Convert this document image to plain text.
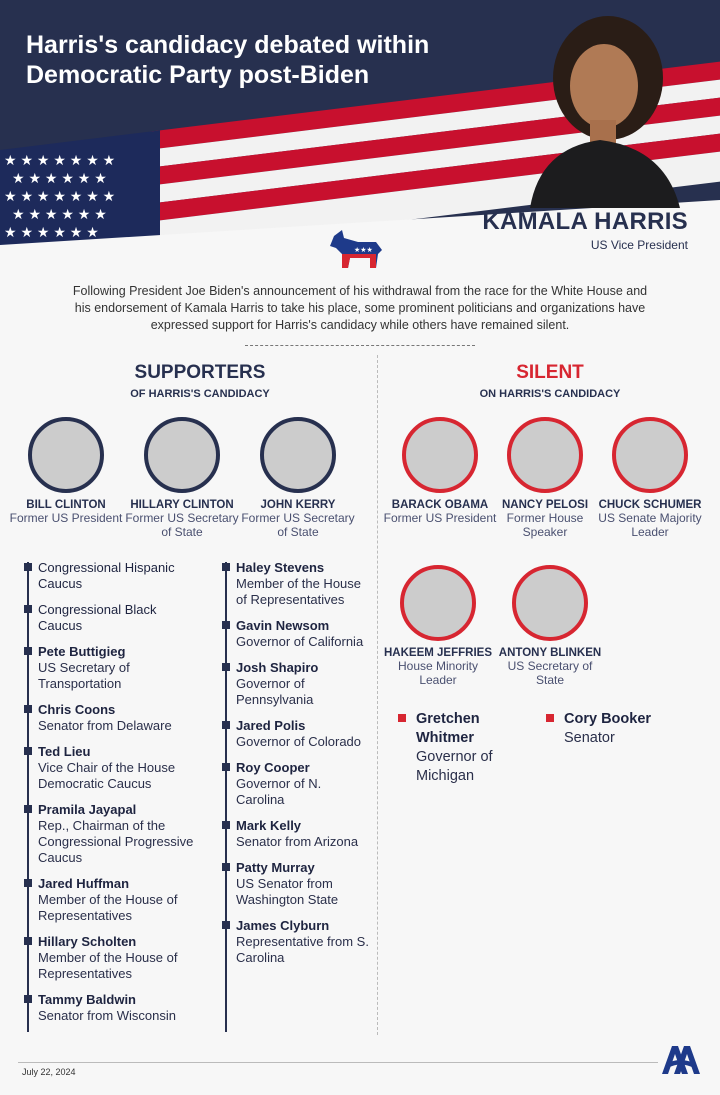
★ ★ ★ ★ ★ ★ ★
★ ★ ★ ★ ★ ★
★ ★ ★ ★ ★ ★ ★
★ ★ ★ ★ ★ ★
★ ★ ★ ★ ★ ★
Harris's candidacy debated within Democratic Party post-Biden
KAMALA HARRIS
US Vice President
★★★
Following President Joe Biden's announcement of his withdrawal from the race for the White House and his endorsement of Kamala Harris to take his place, some prominent politicians and organizations have expressed support for Harris's candidacy while others have remained silent.
SUPPORTERS
OF HARRIS'S CANDIDACY
BILL CLINTON
Former US President
HILLARY CLINTON
Former US Secretary of State
JOHN KERRY
Former US Secretary of State
Congressional Hispanic Caucus
Congressional Black Caucus
Pete Buttigieg
US Secretary of Transportation
Chris Coons
Senator from Delaware
Ted Lieu
Vice Chair of the House Democratic Caucus
Pramila Jayapal
Rep., Chairman of the Congressional Progressive Caucus
Jared Huffman
Member of the House of Representatives
Hillary Scholten
Member of the House of Representatives
Tammy Baldwin
Senator from Wisconsin
Haley Stevens
Member of the House of Representatives
Gavin Newsom
Governor of California
Josh Shapiro
Governor of Pennsylvania
Jared Polis
Governor of Colorado
Roy Cooper
Governor of N. Carolina
Mark Kelly
Senator from Arizona
Patty Murray
US Senator from Washington State
James Clyburn
Representative from S. Carolina
SILENT
ON HARRIS'S CANDIDACY
BARACK OBAMA
Former US President
NANCY PELOSI
Former House Speaker
CHUCK SCHUMER
US Senate Majority Leader
HAKEEM JEFFRIES
House Minority Leader
ANTONY BLINKEN
US Secretary of State
Gretchen Whitmer
Governor of Michigan
Cory Booker
Senator
July 22, 2024
